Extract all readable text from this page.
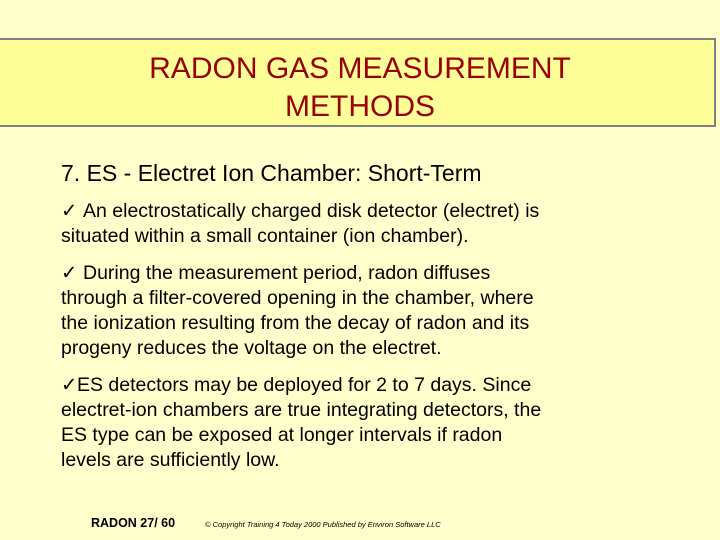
RADON GAS MEASUREMENT
METHODS
7. ES - Electret Ion Chamber: Short-Term
✓ An electrostatically charged disk detector (electret) is
situated within a small container (ion chamber).
✓ During the measurement period, radon diffuses
through a filter-covered opening in the chamber, where
the ionization resulting from the decay of radon and its
progeny reduces the voltage on the electret.
✓ES detectors may be deployed for 2 to 7 days. Since
electret-ion chambers are true integrating detectors, the
ES type can be exposed at longer intervals if radon
levels are sufficiently low.
RADON 27/ 60	© Copyright Training 4 Today 2000 Published by Environ Software LLC
